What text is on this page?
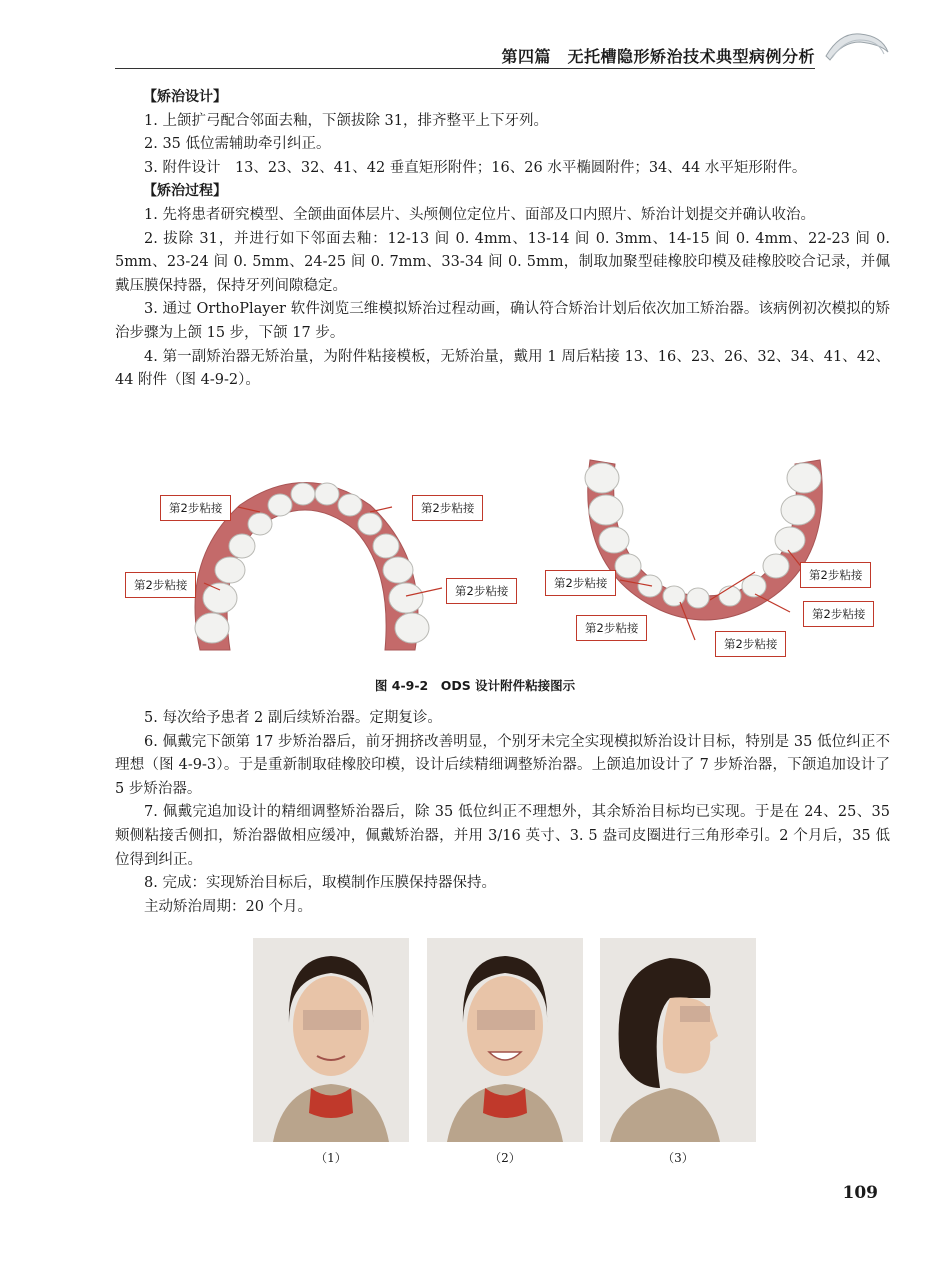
第四篇　无托槽隐形矫治技术典型病例分析

【矫治设计】

1. 上颌扩弓配合邻面去釉，下颌拔除 31，排齐整平上下牙列。

2. 35 低位需辅助牵引纠正。

3. 附件设计　13、23、32、41、42 垂直矩形附件；16、26 水平椭圆附件；34、44 水平矩形附件。

【矫治过程】

1. 先将患者研究模型、全颌曲面体层片、头颅侧位定位片、面部及口内照片、矫治计划提交并确认收治。

2. 拔除 31，并进行如下邻面去釉：12-13 间 0. 4mm、13-14 间 0. 3mm、14-15 间 0. 4mm、22-23 间 0. 5mm、23-24 间 0. 5mm、24-25 间 0. 7mm、33-34 间 0. 5mm，制取加聚型硅橡胶印模及硅橡胶咬合记录，并佩戴压膜保持器，保持牙列间隙稳定。

3. 通过 OrthoPlayer 软件浏览三维模拟矫治过程动画，确认符合矫治计划后依次加工矫治器。该病例初次模拟的矫治步骤为上颌 15 步，下颌 17 步。

4. 第一副矫治器无矫治量，为附件粘接模板，无矫治量，戴用 1 周后粘接 13、16、23、26、32、34、41、42、44 附件（图 4-9-2）。

第2步粘接	第2步粘接
第2步粘接	第2步粘接
第2步粘接
第2步粘接
第2步粘接
第2步粘接
第2步粘接
图 4-9-2　ODS 设计附件粘接图示

5. 每次给予患者 2 副后续矫治器。定期复诊。

6. 佩戴完下颌第 17 步矫治器后，前牙拥挤改善明显，个别牙未完全实现模拟矫治设计目标，特别是 35 低位纠正不理想（图 4-9-3）。于是重新制取硅橡胶印模，设计后续精细调整矫治器。上颌追加设计了 7 步矫治器，下颌追加设计了 5 步矫治器。

7. 佩戴完追加设计的精细调整矫治器后，除 35 低位纠正不理想外，其余矫治目标均已实现。于是在 24、25、35 颊侧粘接舌侧扣，矫治器做相应缓冲，佩戴矫治器，并用 3/16 英寸、3. 5 盎司皮圈进行三角形牵引。2 个月后，35 低位得到纠正。

8. 完成：实现矫治目标后，取模制作压膜保持器保持。

主动矫治周期：20 个月。

（1）	（2）	（3）
109
